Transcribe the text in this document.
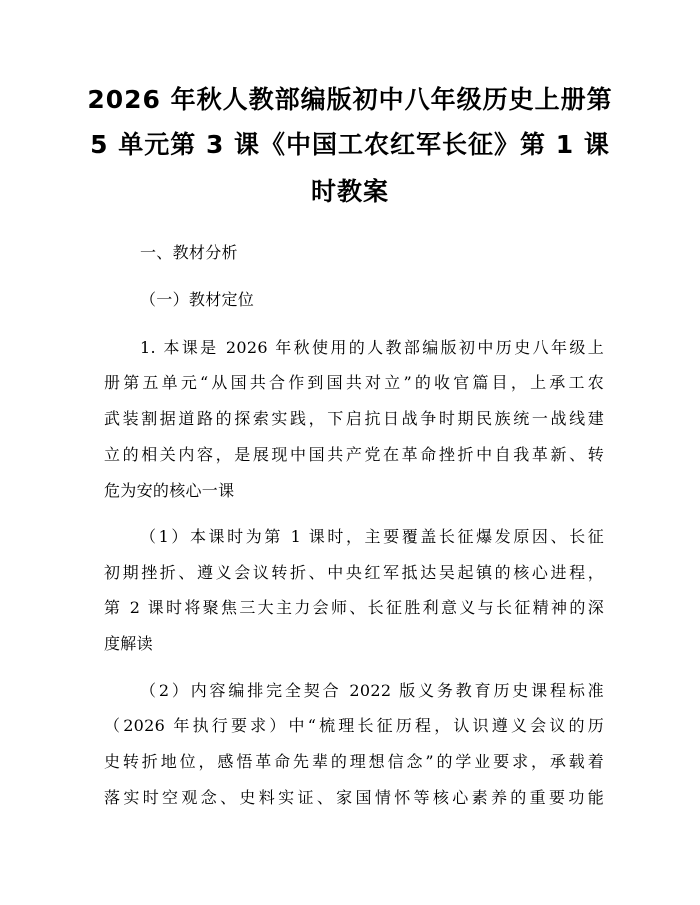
2026 年秋人教部编版初中八年级历史上册第
5 单元第 3 课《中国工农红军长征》第 1 课
时教案
一、教材分析
（一）教材定位
1. 本课是 2026 年秋使用的人教部编版初中历史八年级上
册第五单元“从国共合作到国共对立”的收官篇目，上承工农
武装割据道路的探索实践，下启抗日战争时期民族统一战线建
立的相关内容，是展现中国共产党在革命挫折中自我革新、转
危为安的核心一课
（1）本课时为第 1 课时，主要覆盖长征爆发原因、长征
初期挫折、遵义会议转折、中央红军抵达吴起镇的核心进程，
第 2 课时将聚焦三大主力会师、长征胜利意义与长征精神的深
度解读
（2）内容编排完全契合 2022 版义务教育历史课程标准
（2026 年执行要求）中“梳理长征历程，认识遵义会议的历
史转折地位，感悟革命先辈的理想信念”的学业要求，承载着
落实时空观念、史料实证、家国情怀等核心素养的重要功能
